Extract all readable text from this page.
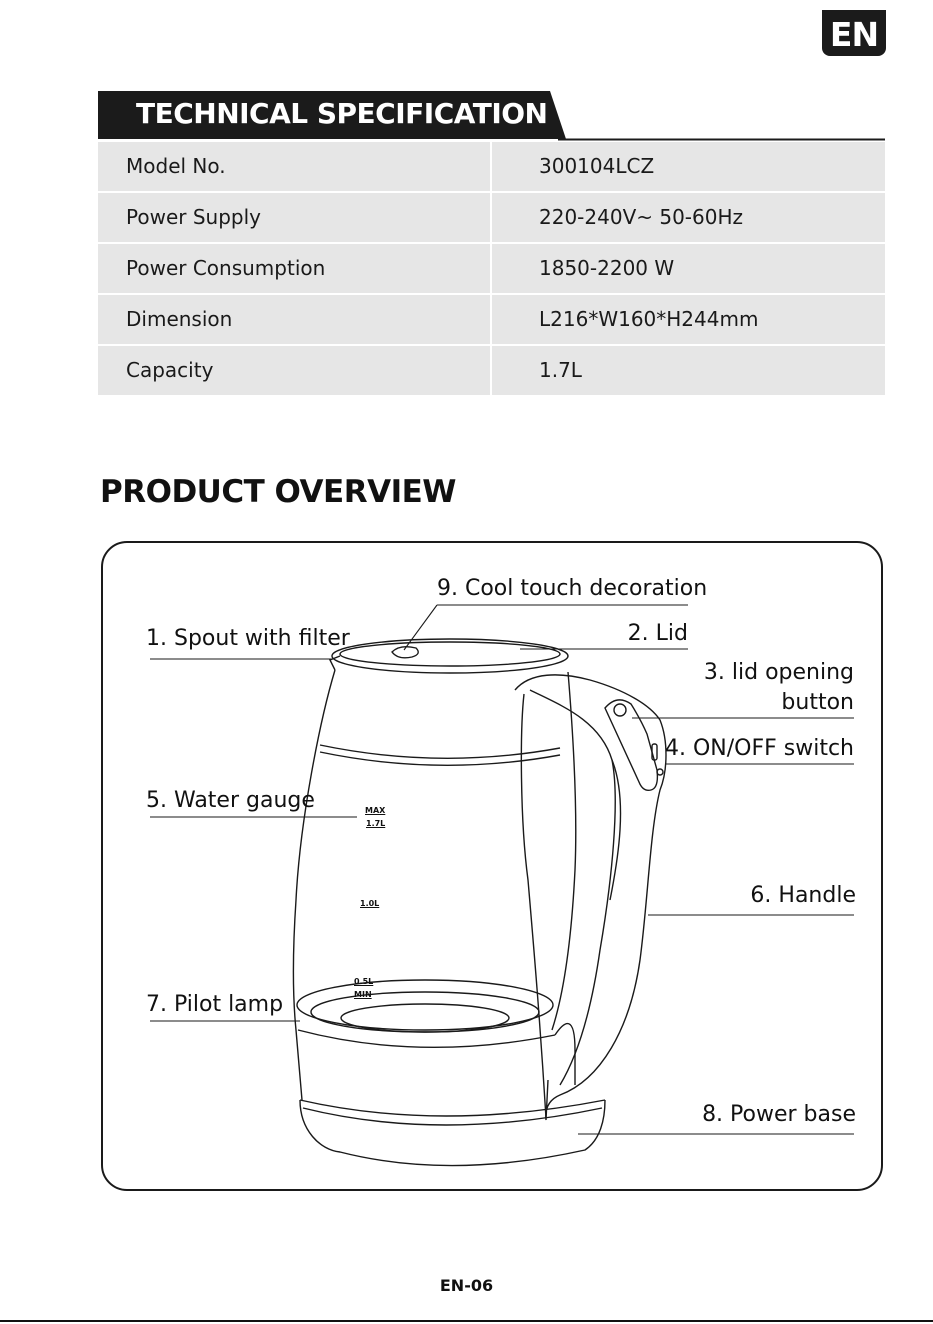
EN
TECHNICAL SPECIFICATION
Model No.	300104LCZ
Power Supply	220-240V~ 50-60Hz
Power Consumption	1850-2200 W
Dimension	L216*W160*H244mm
Capacity	1.7L
PRODUCT OVERVIEW
MAX
1.7L
1.0L
0.5L
MIN
9. Cool touch decoration
1. Spout with filter	2. Lid
3. lid opening
button
4. ON/OFF switch
5. Water gauge
6. Handle
7. Pilot lamp
8. Power base
EN-06
